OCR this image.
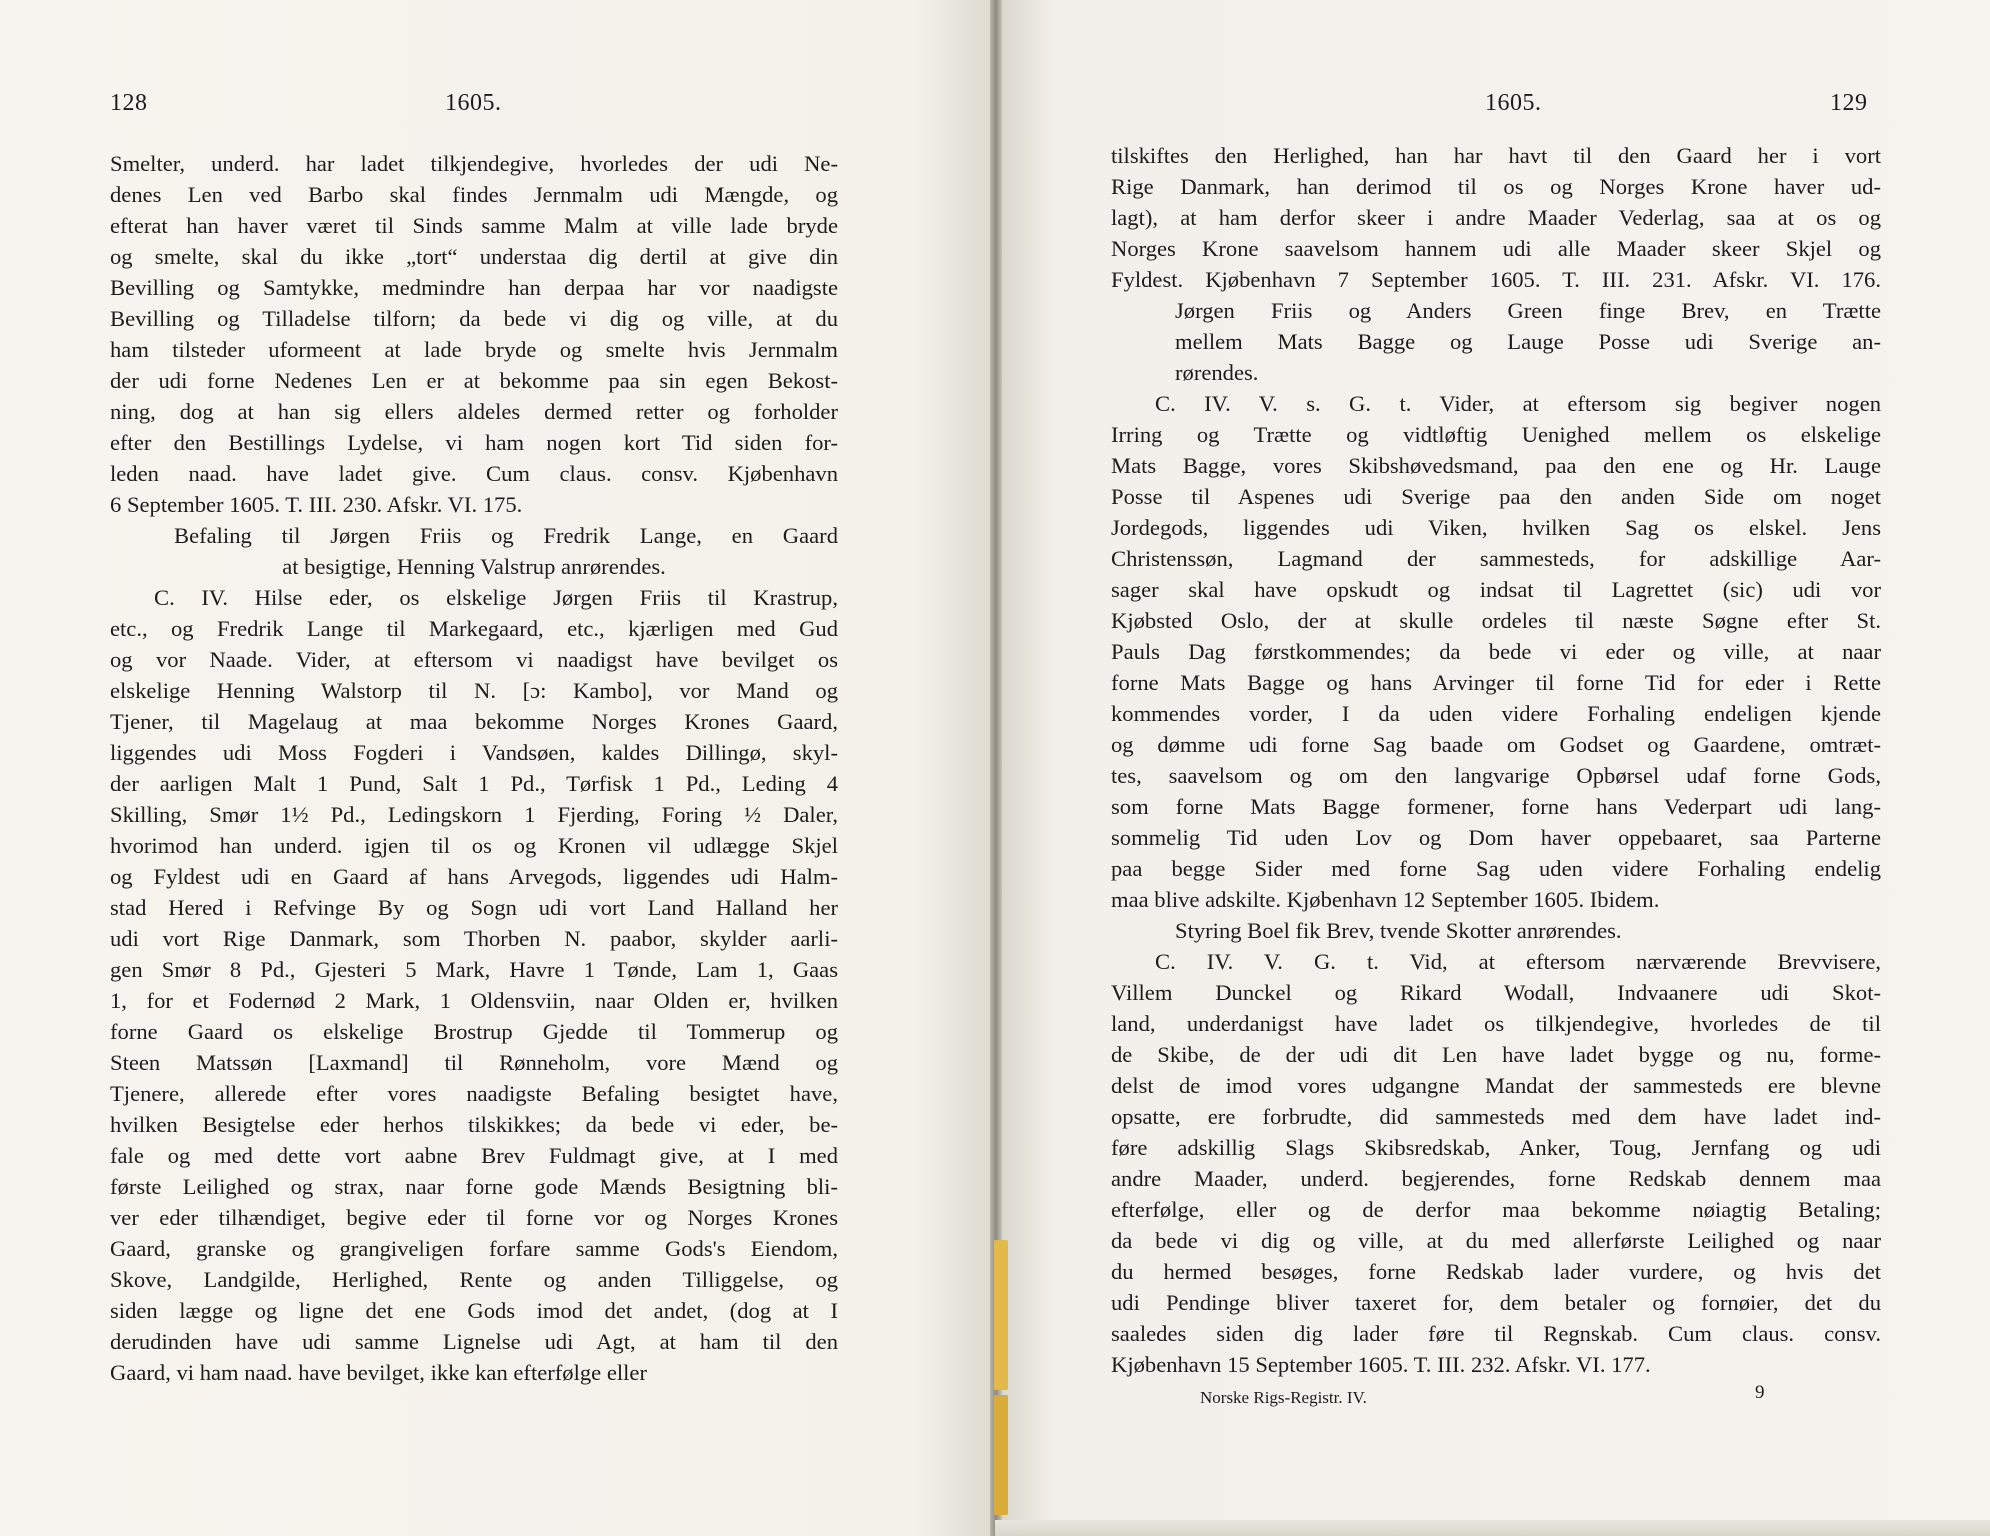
128	1605.
Smelter, underd. har ladet tilkjendegive, hvorledes der udi Ne-
denes Len ved Barbo skal findes Jernmalm udi Mængde, og
efterat han haver været til Sinds samme Malm at ville lade bryde
og smelte, skal du ikke „tort“ understaa dig dertil at give din
Bevilling og Samtykke, medmindre han derpaa har vor naadigste
Bevilling og Tilladelse tilforn; da bede vi dig og ville, at du
ham tilsteder uformeent at lade bryde og smelte hvis Jernmalm
der udi forne Nedenes Len er at bekomme paa sin egen Bekost-
ning, dog at han sig ellers aldeles dermed retter og forholder
efter den Bestillings Lydelse, vi ham nogen kort Tid siden for-
leden naad. have ladet give. Cum claus. consv. Kjøbenhavn
6 September 1605. T. III. 230. Afskr. VI. 175.
Befaling til Jørgen Friis og Fredrik Lange, en Gaard
at besigtige, Henning Valstrup anrørendes.
C. IV. Hilse eder, os elskelige Jørgen Friis til Krastrup,
etc., og Fredrik Lange til Markegaard, etc., kjærligen med Gud
og vor Naade. Vider, at eftersom vi naadigst have bevilget os
elskelige Henning Walstorp til N. [ɔ: Kambo], vor Mand og
Tjener, til Magelaug at maa bekomme Norges Krones Gaard,
liggendes udi Moss Fogderi i Vandsøen, kaldes Dillingø, skyl-
der aarligen Malt 1 Pund, Salt 1 Pd., Tørfisk 1 Pd., Leding 4
Skilling, Smør 1½ Pd., Ledingskorn 1 Fjerding, Foring ½ Daler,
hvorimod han underd. igjen til os og Kronen vil udlægge Skjel
og Fyldest udi en Gaard af hans Arvegods, liggendes udi Halm-
stad Hered i Refvinge By og Sogn udi vort Land Halland her
udi vort Rige Danmark, som Thorben N. paabor, skylder aarli-
gen Smør 8 Pd., Gjesteri 5 Mark, Havre 1 Tønde, Lam 1, Gaas
1, for et Fodernød 2 Mark, 1 Oldensviin, naar Olden er, hvilken
forne Gaard os elskelige Brostrup Gjedde til Tommerup og
Steen Matssøn [Laxmand] til Rønneholm, vore Mænd og
Tjenere, allerede efter vores naadigste Befaling besigtet have,
hvilken Besigtelse eder herhos tilskikkes; da bede vi eder, be-
fale og med dette vort aabne Brev Fuldmagt give, at I med
første Leilighed og strax, naar forne gode Mænds Besigtning bli-
ver eder tilhændiget, begive eder til forne vor og Norges Krones
Gaard, granske og grangiveligen forfare samme Gods's Eiendom,
Skove, Landgilde, Herlighed, Rente og anden Tilliggelse, og
siden lægge og ligne det ene Gods imod det andet, (dog at I
derudinden have udi samme Lignelse udi Agt, at ham til den
Gaard, vi ham naad. have bevilget, ikke kan efterfølge eller
1605.	129
tilskiftes den Herlighed, han har havt til den Gaard her i vort
Rige Danmark, han derimod til os og Norges Krone haver ud-
lagt), at ham derfor skeer i andre Maader Vederlag, saa at os og
Norges Krone saavelsom hannem udi alle Maader skeer Skjel og
Fyldest. Kjøbenhavn 7 September 1605. T. III. 231. Afskr. VI. 176.
Jørgen Friis og Anders Green finge Brev, en Trætte
mellem Mats Bagge og Lauge Posse udi Sverige an-
rørendes.
C. IV. V. s. G. t. Vider, at eftersom sig begiver nogen
Irring og Trætte og vidtløftig Uenighed mellem os elskelige
Mats Bagge, vores Skibshøvedsmand, paa den ene og Hr. Lauge
Posse til Aspenes udi Sverige paa den anden Side om noget
Jordegods, liggendes udi Viken, hvilken Sag os elskel. Jens
Christenssøn, Lagmand der sammesteds, for adskillige Aar-
sager skal have opskudt og indsat til Lagrettet (sic) udi vor
Kjøbsted Oslo, der at skulle ordeles til næste Søgne efter St.
Pauls Dag førstkommendes; da bede vi eder og ville, at naar
forne Mats Bagge og hans Arvinger til forne Tid for eder i Rette
kommendes vorder, I da uden videre Forhaling endeligen kjende
og dømme udi forne Sag baade om Godset og Gaardene, omtræt-
tes, saavelsom og om den langvarige Opbørsel udaf forne Gods,
som forne Mats Bagge formener, forne hans Vederpart udi lang-
sommelig Tid uden Lov og Dom haver oppebaaret, saa Parterne
paa begge Sider med forne Sag uden videre Forhaling endelig
maa blive adskilte. Kjøbenhavn 12 September 1605. Ibidem.
Styring Boel fik Brev, tvende Skotter anrørendes.
C. IV. V. G. t. Vid, at eftersom nærværende Brevvisere,
Villem Dunckel og Rikard Wodall, Indvaanere udi Skot-
land, underdanigst have ladet os tilkjendegive, hvorledes de til
de Skibe, de der udi dit Len have ladet bygge og nu, forme-
delst de imod vores udgangne Mandat der sammesteds ere blevne
opsatte, ere forbrudte, did sammesteds med dem have ladet ind-
føre adskillig Slags Skibsredskab, Anker, Toug, Jernfang og udi
andre Maader, underd. begjerendes, forne Redskab dennem maa
efterfølge, eller og de derfor maa bekomme nøiagtig Betaling;
da bede vi dig og ville, at du med allerførste Leilighed og naar
du hermed besøges, forne Redskab lader vurdere, og hvis det
udi Pendinge bliver taxeret for, dem betaler og fornøier, det du
saaledes siden dig lader føre til Regnskab. Cum claus. consv.
Kjøbenhavn 15 September 1605. T. III. 232. Afskr. VI. 177.
Norske Rigs-Registr. IV.	9
